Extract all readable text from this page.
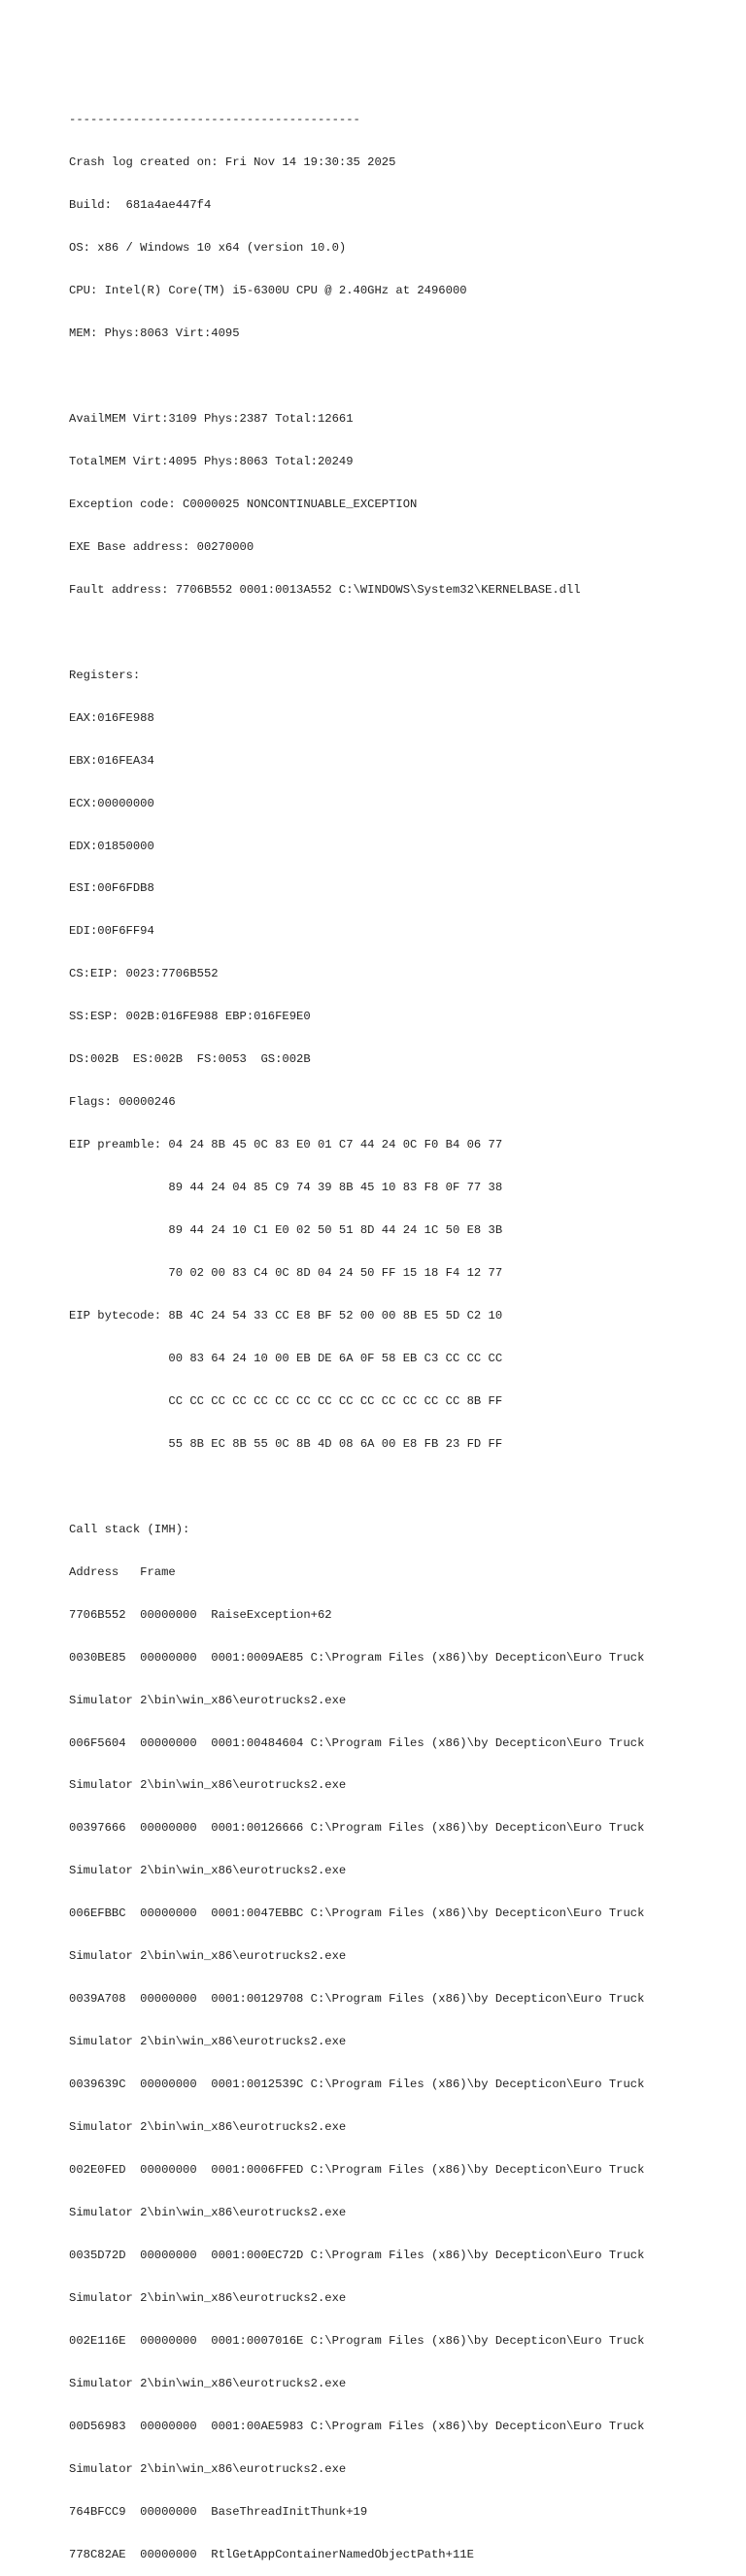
-----------------------------------------

Crash log created on: Fri Nov 14 19:30:35 2025

Build:  681a4ae447f4

OS: x86 / Windows 10 x64 (version 10.0)

CPU: Intel(R) Core(TM) i5-6300U CPU @ 2.40GHz at 2496000

MEM: Phys:8063 Virt:4095

AvailMEM Virt:3109 Phys:2387 Total:12661

TotalMEM Virt:4095 Phys:8063 Total:20249

Exception code: C0000025 NONCONTINUABLE_EXCEPTION

EXE Base address: 00270000

Fault address: 7706B552 0001:0013A552 C:\WINDOWS\System32\KERNELBASE.dll

Registers:

EAX:016FE988

EBX:016FEA34

ECX:00000000

EDX:01850000

ESI:00F6FDB8

EDI:00F6FF94

CS:EIP: 0023:7706B552

SS:ESP: 002B:016FE988 EBP:016FE9E0

DS:002B  ES:002B  FS:0053  GS:002B

Flags: 00000246

EIP preamble: 04 24 8B 45 0C 83 E0 01 C7 44 24 0C F0 B4 06 77

89 44 24 04 85 C9 74 39 8B 45 10 83 F8 0F 77 38

89 44 24 10 C1 E0 02 50 51 8D 44 24 1C 50 E8 3B

70 02 00 83 C4 0C 8D 04 24 50 FF 15 18 F4 12 77

EIP bytecode: 8B 4C 24 54 33 CC E8 BF 52 00 00 8B E5 5D C2 10

00 83 64 24 10 00 EB DE 6A 0F 58 EB C3 CC CC CC

CC CC CC CC CC CC CC CC CC CC CC CC CC CC 8B FF

55 8B EC 8B 55 0C 8B 4D 08 6A 00 E8 FB 23 FD FF

Call stack (IMH):

Address   Frame

7706B552  00000000  RaiseException+62

0030BE85  00000000  0001:0009AE85 C:\Program Files (x86)\by Decepticon\Euro Truck

Simulator 2\bin\win_x86\eurotrucks2.exe

006F5604  00000000  0001:00484604 C:\Program Files (x86)\by Decepticon\Euro Truck

Simulator 2\bin\win_x86\eurotrucks2.exe

00397666  00000000  0001:00126666 C:\Program Files (x86)\by Decepticon\Euro Truck

Simulator 2\bin\win_x86\eurotrucks2.exe

006EFBBC  00000000  0001:0047EBBC C:\Program Files (x86)\by Decepticon\Euro Truck

Simulator 2\bin\win_x86\eurotrucks2.exe

0039A708  00000000  0001:00129708 C:\Program Files (x86)\by Decepticon\Euro Truck

Simulator 2\bin\win_x86\eurotrucks2.exe

0039639C  00000000  0001:0012539C C:\Program Files (x86)\by Decepticon\Euro Truck

Simulator 2\bin\win_x86\eurotrucks2.exe

002E0FED  00000000  0001:0006FFED C:\Program Files (x86)\by Decepticon\Euro Truck

Simulator 2\bin\win_x86\eurotrucks2.exe

0035D72D  00000000  0001:000EC72D C:\Program Files (x86)\by Decepticon\Euro Truck

Simulator 2\bin\win_x86\eurotrucks2.exe

002E116E  00000000  0001:0007016E C:\Program Files (x86)\by Decepticon\Euro Truck

Simulator 2\bin\win_x86\eurotrucks2.exe

00D56983  00000000  0001:00AE5983 C:\Program Files (x86)\by Decepticon\Euro Truck

Simulator 2\bin\win_x86\eurotrucks2.exe

764BFCC9  00000000  BaseThreadInitThunk+19

778C82AE  00000000  RtlGetAppContainerNamedObjectPath+11E
